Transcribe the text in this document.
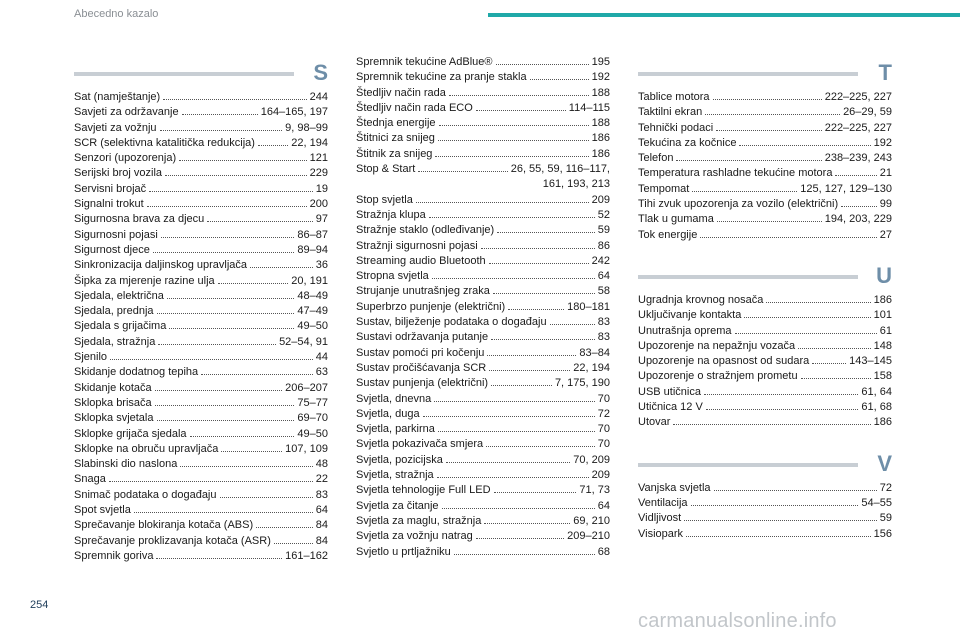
Abecedno kazalo
S
Sat (namještanje)	244
Savjeti za održavanje	164–165, 197
Savjeti za vožnju	9, 98–99
SCR (selektivna katalitička redukcija)	22, 194
Senzori (upozorenja)	121
Serijski broj vozila	229
Servisni brojač	19
Signalni trokut	200
Sigurnosna brava za djecu	97
Sigurnosni pojasi	86–87
Sigurnost djece	89–94
Sinkronizacija daljinskog upravljača	36
Šipka za mjerenje razine ulja	20, 191
Sjedala, električna	48–49
Sjedala, prednja	47–49
Sjedala s grijačima	49–50
Sjedala, stražnja	52–54, 91
Sjenilo	44
Skidanje dodatnog tepiha	63
Skidanje kotača	206–207
Sklopka brisača	75–77
Sklopka svjetala	69–70
Sklopke grijača sjedala	49–50
Sklopke na obruču upravljača	107, 109
Slabinski dio naslona	48
Snaga	22
Snimač podataka o događaju	83
Spot svjetla	64
Sprečavanje blokiranja kotača (ABS)	84
Sprečavanje proklizavanja kotača (ASR)	84
Spremnik goriva	161–162
Spremnik tekućine AdBlue®	195
Spremnik tekućine za pranje stakla	192
Štedljiv način rada	188
Štedljiv način rada ECO	114–115
Štednja energije	188
Štitnici za snijeg	186
Štitnik za snijeg	186
Stop & Start	26, 55, 59, 116–117,
161, 193, 213
Stop svjetla	209
Stražnja klupa	52
Stražnje staklo (odleđivanje)	59
Stražnji sigurnosni pojasi	86
Streaming audio Bluetooth	242
Stropna svjetla	64
Strujanje unutrašnjeg zraka	58
Superbrzo punjenje (električni)	180–181
Sustav, bilježenje podataka o događaju	83
Sustavi održavanja putanje	83
Sustav pomoći pri kočenju	83–84
Sustav pročišćavanja SCR	22, 194
Sustav punjenja (električni)	7, 175, 190
Svjetla, dnevna	70
Svjetla, duga	72
Svjetla, parkirna	70
Svjetla pokazivača smjera	70
Svjetla, pozicijska	70, 209
Svjetla, stražnja	209
Svjetla tehnologije Full LED	71, 73
Svjetla za čitanje	64
Svjetla za maglu, stražnja	69, 210
Svjetla za vožnju natrag	209–210
Svjetlo u prtljažniku	68
T
Tablice motora	222–225, 227
Taktilni ekran	26–29, 59
Tehnički podaci	222–225, 227
Tekućina za kočnice	192
Telefon	238–239, 243
Temperatura rashladne tekućine motora	21
Tempomat	125, 127, 129–130
Tihi zvuk upozorenja za vozilo (električni)	99
Tlak u gumama	194, 203, 229
Tok energije	27
U
Ugradnja krovnog nosača	186
Uključivanje kontakta	101
Unutrašnja oprema	61
Upozorenje na nepažnju vozača	148
Upozorenje na opasnost od sudara	143–145
Upozorenje o stražnjem prometu	158
USB utičnica	61, 64
Utičnica 12 V	61, 68
Utovar	186
V
Vanjska svjetla	72
Ventilacija	54–55
Vidljivost	59
Visiopark	156
254
carmanualsonline.info
